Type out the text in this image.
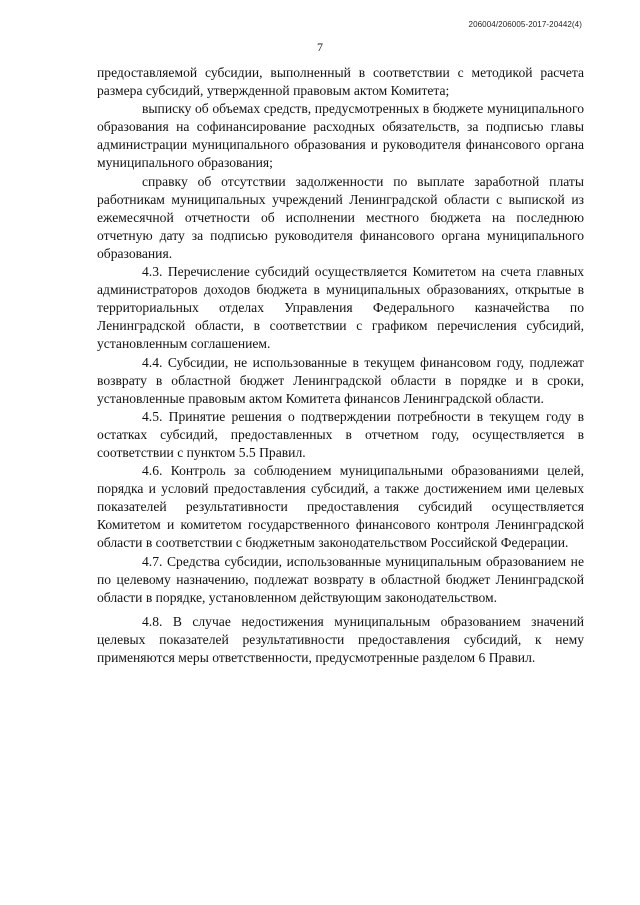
206004/206005-2017-20442(4)
7

предоставляемой субсидии, выполненный в соответствии с методикой расчета размера субсидий, утвержденной правовым актом Комитета;

выписку об объемах средств, предусмотренных в бюджете муниципального образования на софинансирование расходных обязательств, за подписью главы администрации муниципального образования и руководителя финансового органа муниципального образования;

справку об отсутствии задолженности по выплате заработной платы работникам муниципальных учреждений Ленинградской области с выпиской из ежемесячной отчетности об исполнении местного бюджета на последнюю отчетную дату за подписью руководителя финансового органа муниципального образования.

4.3. Перечисление субсидий осуществляется Комитетом на счета главных администраторов доходов бюджета в муниципальных образованиях, открытые в территориальных отделах Управления Федерального казначейства по Ленинградской области, в соответствии с графиком перечисления субсидий, установленным соглашением.

4.4. Субсидии, не использованные в текущем финансовом году, подлежат возврату в областной бюджет Ленинградской области в порядке и в сроки, установленные правовым актом Комитета финансов Ленинградской области.

4.5. Принятие решения о подтверждении потребности в текущем году в остатках субсидий, предоставленных в отчетном году, осуществляется в соответствии с пунктом 5.5 Правил.

4.6. Контроль за соблюдением муниципальными образованиями целей, порядка и условий предоставления субсидий, а также достижением ими целевых показателей результативности предоставления субсидий осуществляется Комитетом и комитетом государственного финансового контроля Ленинградской области в соответствии с бюджетным законодательством Российской Федерации.

4.7. Средства субсидии, использованные муниципальным образованием не по целевому назначению, подлежат возврату в областной бюджет Ленинградской области в порядке, установленном действующим законодательством.

4.8. В случае недостижения муниципальным образованием значений целевых показателей результативности предоставления субсидий, к нему применяются меры ответственности, предусмотренные разделом 6 Правил.
